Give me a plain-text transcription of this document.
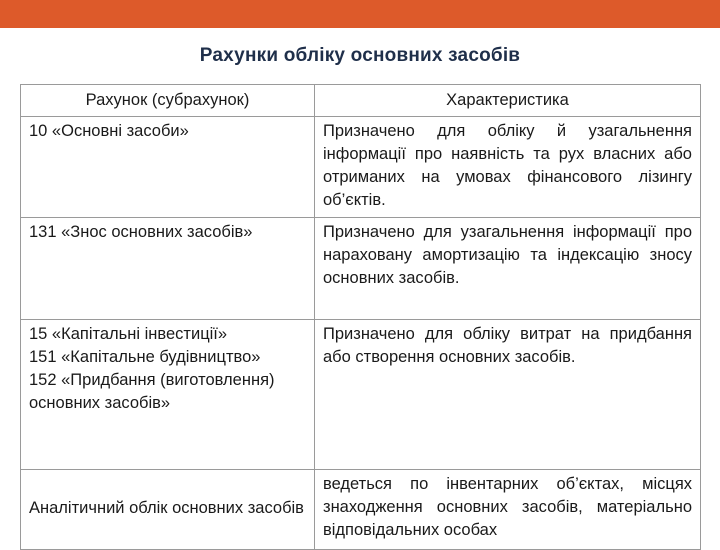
Рахунки обліку основних засобів
Рахунок (субрахунок)	Характеристика

10 «Основні засоби»	Призначено для обліку й узагальнення інформації про наявність та рух власних або отриманих на умовах фінансового лізингу об’єктів.

131 «Знос основних засобів»	Призначено для узагальнення інформації про нараховану амортизацію та індексацію зносу основних засобів.

15 «Капітальні інвестиції»
151 «Капітальне будівництво»
152 «Придбання (виготовлення) основних засобів»	Призначено для обліку витрат на придбання або створення основних засобів.

Аналітичний облік основних засобів	ведеться по інвентарних об’єктах, місцях знаходження основних засобів, матеріально відповідальних особах
